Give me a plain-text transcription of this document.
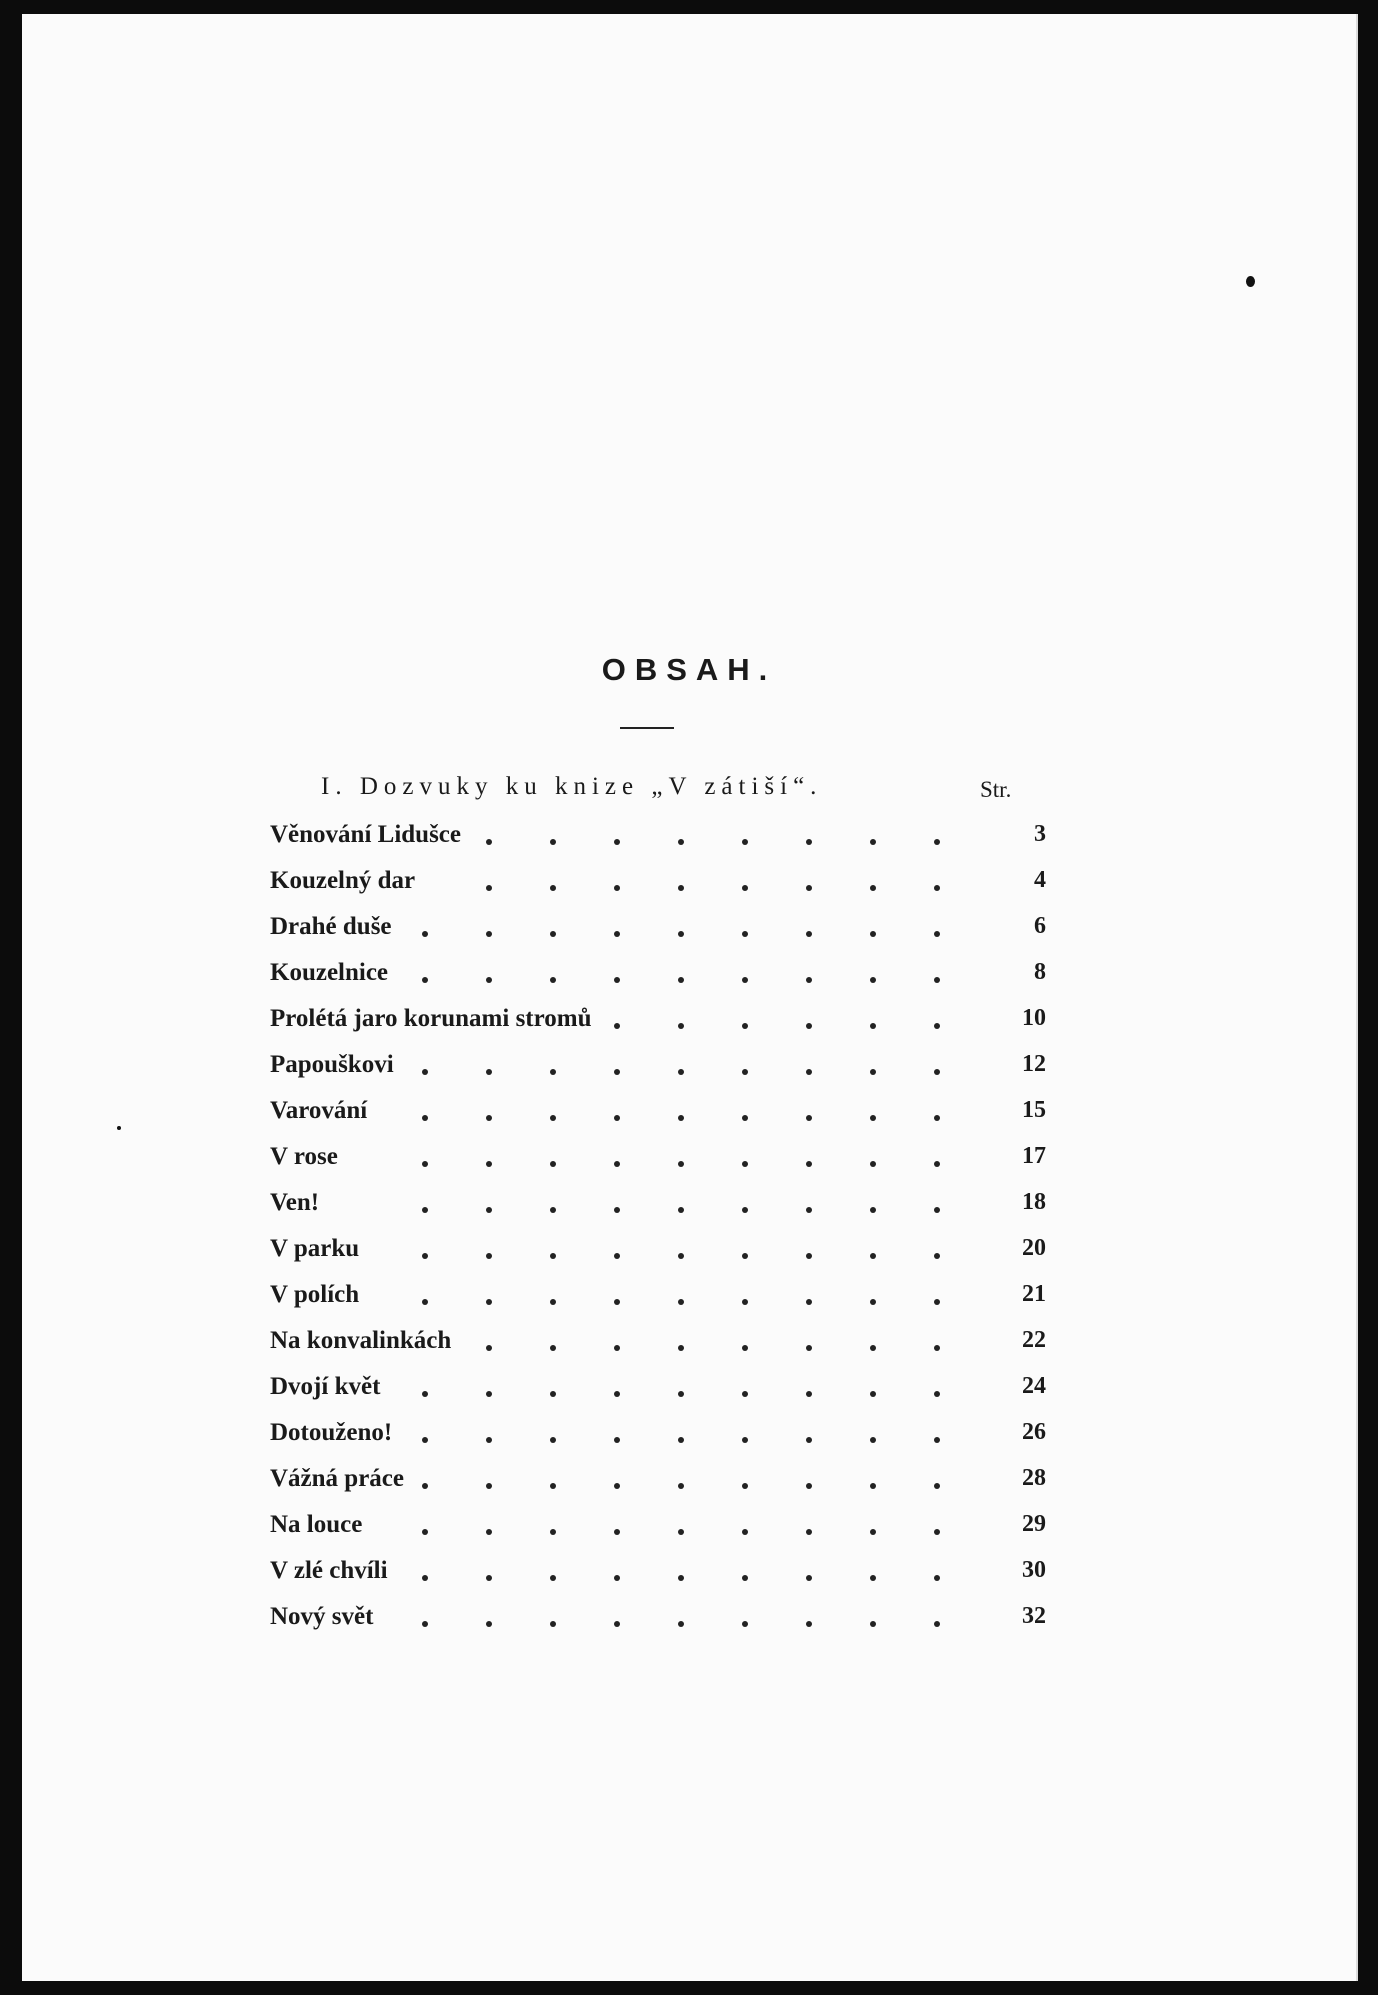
OBSAH.
I. Dozvuky ku knize „V zátiší“.	Str.
Věnování Lidušce	3
Kouzelný dar	4
Drahé duše	6
Kouzelnice	8
Prolétá jaro korunami stromů	10
Papouškovi	12
Varování	15
V rose	17
Ven!	18
V parku	20
V polích	21
Na konvalinkách	22
Dvojí květ	24
Dotouženo!	26
Vážná práce	28
Na louce	29
V zlé chvíli	30
Nový svět	32
